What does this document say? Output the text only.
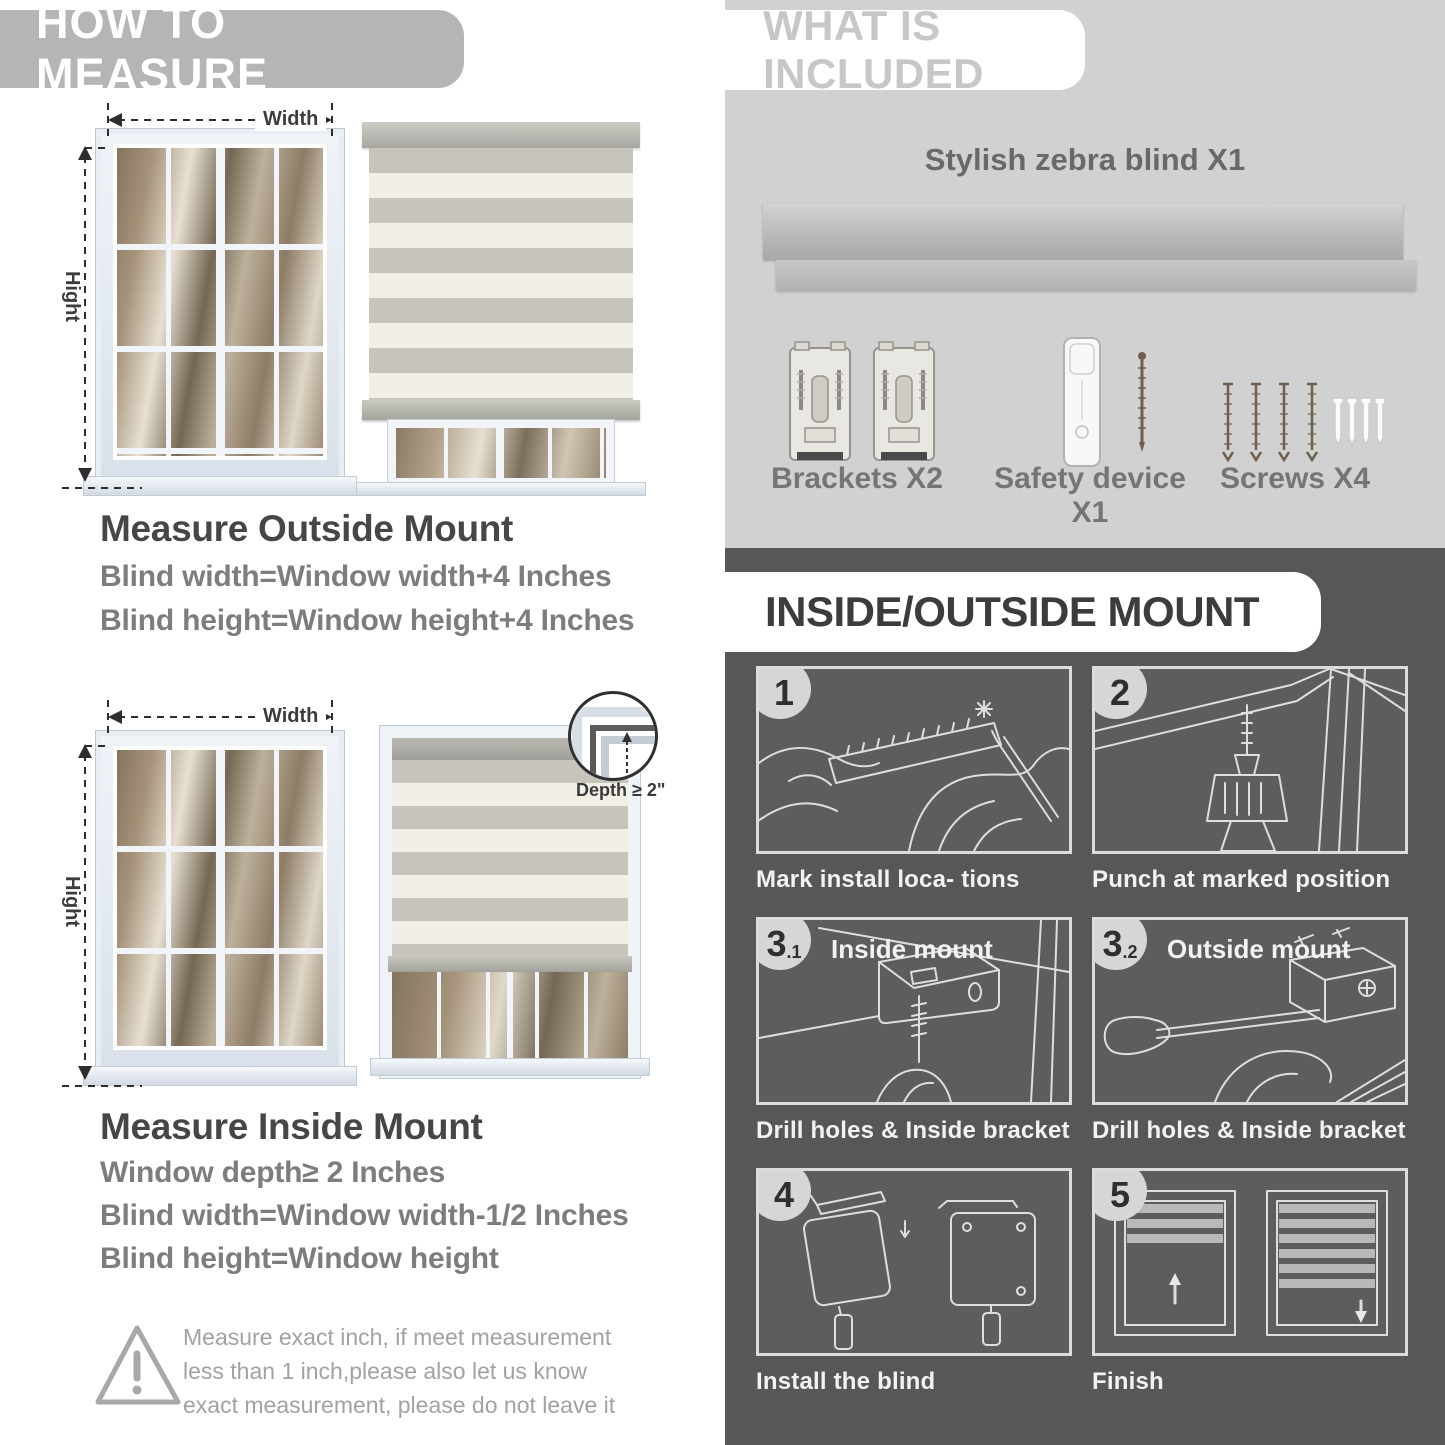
HOW TO MEASURE
Width
Hight
Measure Outside Mount
Blind width=Window width+4 Inches
Blind height=Window height+4 Inches
Width
Hight
Depth ≥ 2"
Measure Inside Mount
Window depth≥ 2 Inches
Blind width=Window width-1/2 Inches
Blind height=Window height
Measure exact inch, if meet measurement less than 1 inch,please also let us know exact measurement, please do not leave it
WHAT IS INCLUDED
Stylish zebra blind X1
Brackets X2	Safety device X1
Screws X4
INSIDE/OUTSIDE MOUNT
1
Mark install loca- tions
2
Punch at marked position
3 .1 Inside mount
Drill holes & Inside bracket
3 .2 Outside mount
Drill holes & Inside bracket
4
Install the blind
5
Finish
